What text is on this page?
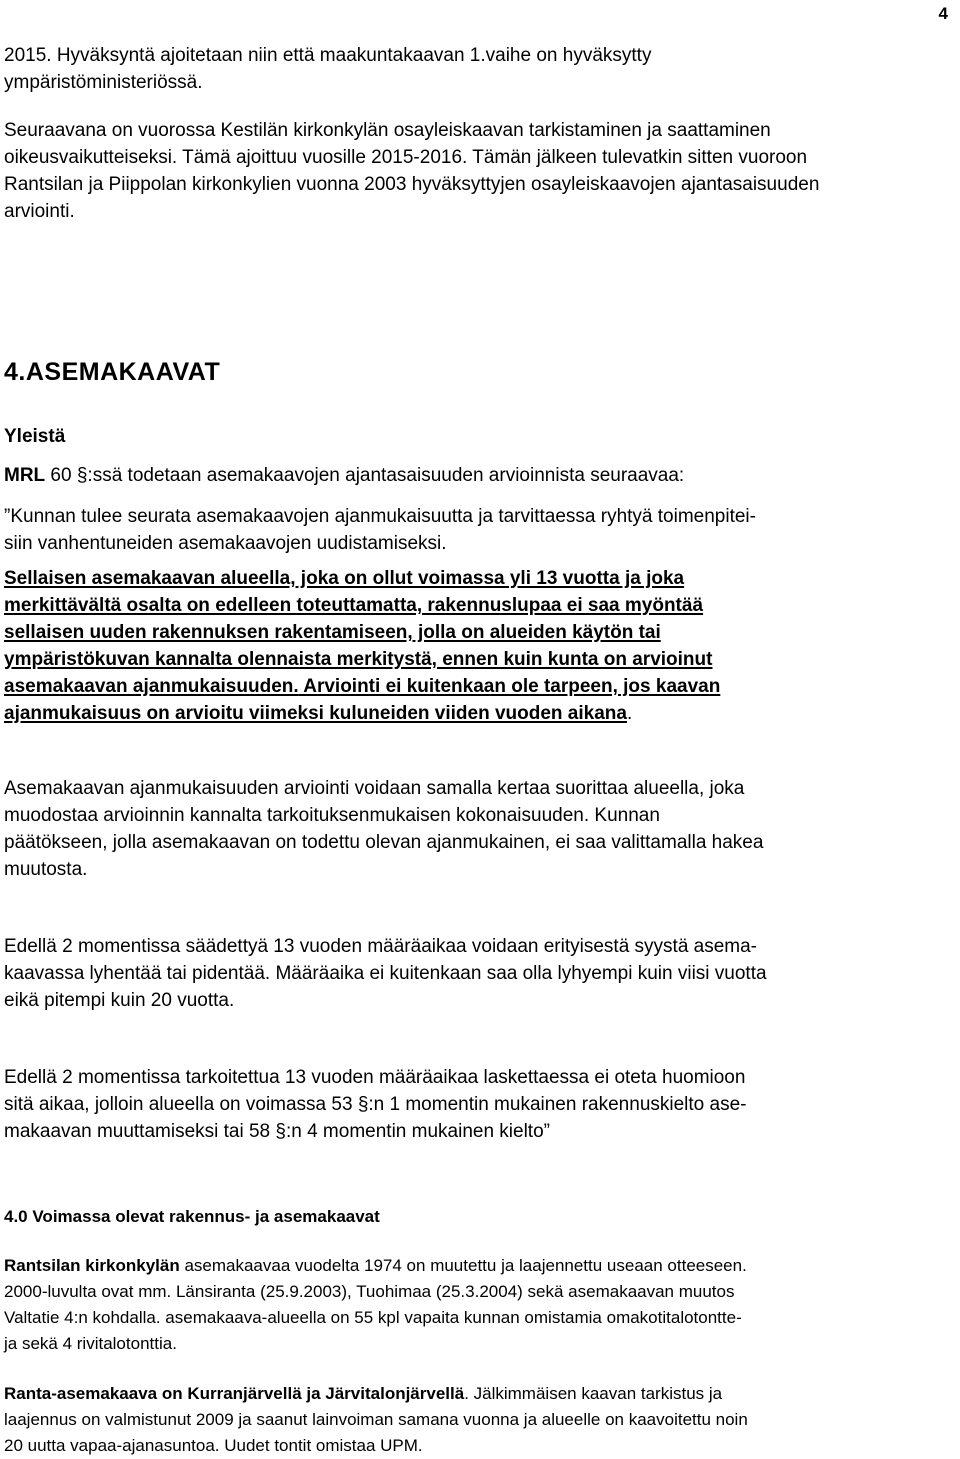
4
2015. Hyväksyntä ajoitetaan niin että maakuntakaavan 1.vaihe on hyväksytty
ympäristöministeriössä.
Seuraavana on vuorossa Kestilän kirkonkylän osayleiskaavan tarkistaminen ja saattaminen
oikeusvaikutteiseksi. Tämä ajoittuu vuosille 2015-2016. Tämän jälkeen tulevatkin sitten vuoroon
Rantsilan ja Piippolan kirkonkylien vuonna 2003 hyväksyttyjen osayleiskaavojen ajantasaisuuden
arviointi.
4.ASEMAKAAVAT
Yleistä
MRL 60 §:ssä todetaan asemakaavojen ajantasaisuuden arvioinnista seuraavaa:
”Kunnan tulee seurata asemakaavojen ajanmukaisuutta ja tarvittaessa ryhtyä toimenpitei-
siin vanhentuneiden asemakaavojen uudistamiseksi.
Sellaisen asemakaavan alueella, joka on ollut voimassa yli 13 vuotta ja joka
merkittävältä osalta on edelleen toteuttamatta, rakennuslupaa ei saa myöntää
sellaisen uuden rakennuksen rakentamiseen, jolla on alueiden käytön tai
ympäristökuvan kannalta olennaista merkitystä, ennen kuin kunta on arvioinut
asemakaavan ajanmukaisuuden. Arviointi ei kuitenkaan ole tarpeen, jos kaavan
ajanmukaisuus on arvioitu viimeksi kuluneiden viiden vuoden aikana.
Asemakaavan ajanmukaisuuden arviointi voidaan samalla kertaa suorittaa alueella, joka
muodostaa arvioinnin kannalta tarkoituksenmukaisen kokonaisuuden. Kunnan
päätökseen, jolla asemakaavan on todettu olevan ajanmukainen, ei saa valittamalla hakea
muutosta.
Edellä 2 momentissa säädettyä 13 vuoden määräaikaa voidaan erityisestä syystä asema-
kaavassa lyhentää tai pidentää. Määräaika ei kuitenkaan saa olla lyhyempi kuin viisi vuotta
eikä pitempi kuin 20 vuotta.
Edellä 2 momentissa tarkoitettua 13 vuoden määräaikaa laskettaessa ei oteta huomioon
sitä aikaa, jolloin alueella on voimassa 53 §:n 1 momentin mukainen rakennuskielto ase-
makaavan muuttamiseksi tai 58 §:n 4 momentin mukainen kielto”
4.0 Voimassa olevat rakennus- ja asemakaavat
Rantsilan kirkonkylän asemakaavaa vuodelta 1974 on muutettu ja laajennettu useaan otteeseen.
2000-luvulta ovat mm. Länsiranta (25.9.2003), Tuohimaa (25.3.2004) sekä asemakaavan muutos
Valtatie 4:n kohdalla. asemakaava-alueella on 55 kpl vapaita kunnan omistamia omakotitalotontte-
ja sekä 4 rivitalotonttia.
Ranta-asemakaava on Kurranjärvellä ja Järvitalonjärvellä. Jälkimmäisen kaavan tarkistus ja
laajennus on valmistunut 2009 ja saanut lainvoiman samana vuonna ja alueelle on kaavoitettu noin
20 uutta vapaa-ajanasuntoa. Uudet tontit omistaa UPM.
